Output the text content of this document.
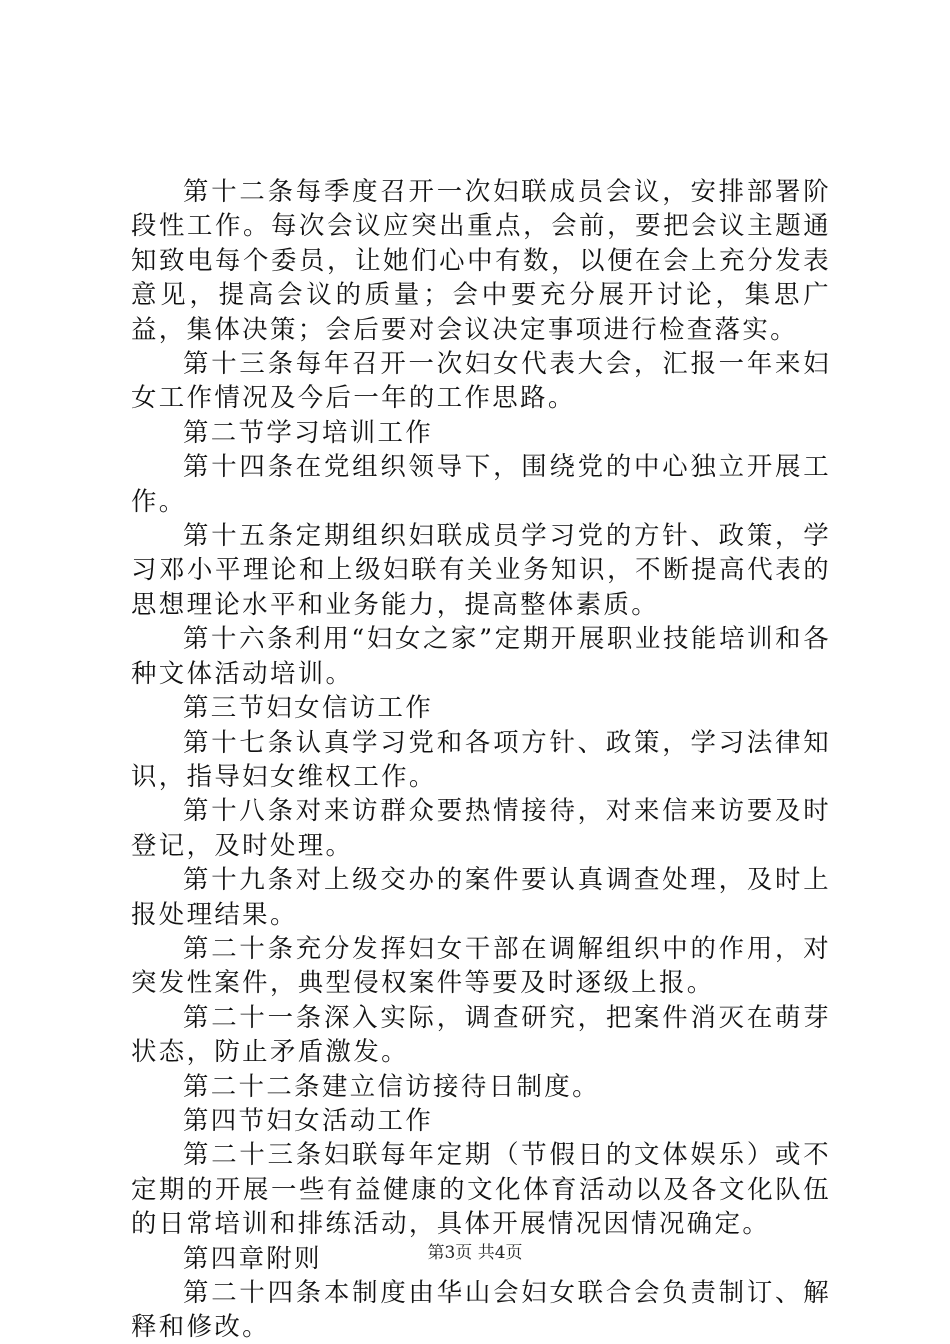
第十二条每季度召开一次妇联成员会议，安排部署阶段性工作。每次会议应突出重点，会前，要把会议主题通知致电每个委员，让她们心中有数，以便在会上充分发表意见，提高会议的质量；会中要充分展开讨论，集思广益，集体决策；会后要对会议决定事项进行检查落实。

第十三条每年召开一次妇女代表大会，汇报一年来妇女工作情况及今后一年的工作思路。

第二节学习培训工作

第十四条在党组织领导下，围绕党的中心独立开展工作。

第十五条定期组织妇联成员学习党的方针、政策，学习邓小平理论和上级妇联有关业务知识，不断提高代表的思想理论水平和业务能力，提高整体素质。

第十六条利用“妇女之家”定期开展职业技能培训和各种文体活动培训。

第三节妇女信访工作

第十七条认真学习党和各项方针、政策，学习法律知识，指导妇女维权工作。

第十八条对来访群众要热情接待，对来信来访要及时登记，及时处理。

第十九条对上级交办的案件要认真调查处理，及时上报处理结果。

第二十条充分发挥妇女干部在调解组织中的作用，对突发性案件，典型侵权案件等要及时逐级上报。

第二十一条深入实际，调查研究，把案件消灭在萌芽状态，防止矛盾激发。

第二十二条建立信访接待日制度。

第四节妇女活动工作

第二十三条妇联每年定期（节假日的文体娱乐）或不定期的开展一些有益健康的文化体育活动以及各文化队伍的日常培训和排练活动，具体开展情况因情况确定。

第四章附则

第二十四条本制度由华山会妇女联合会负责制订、解释和修改。

第3页 共4页
